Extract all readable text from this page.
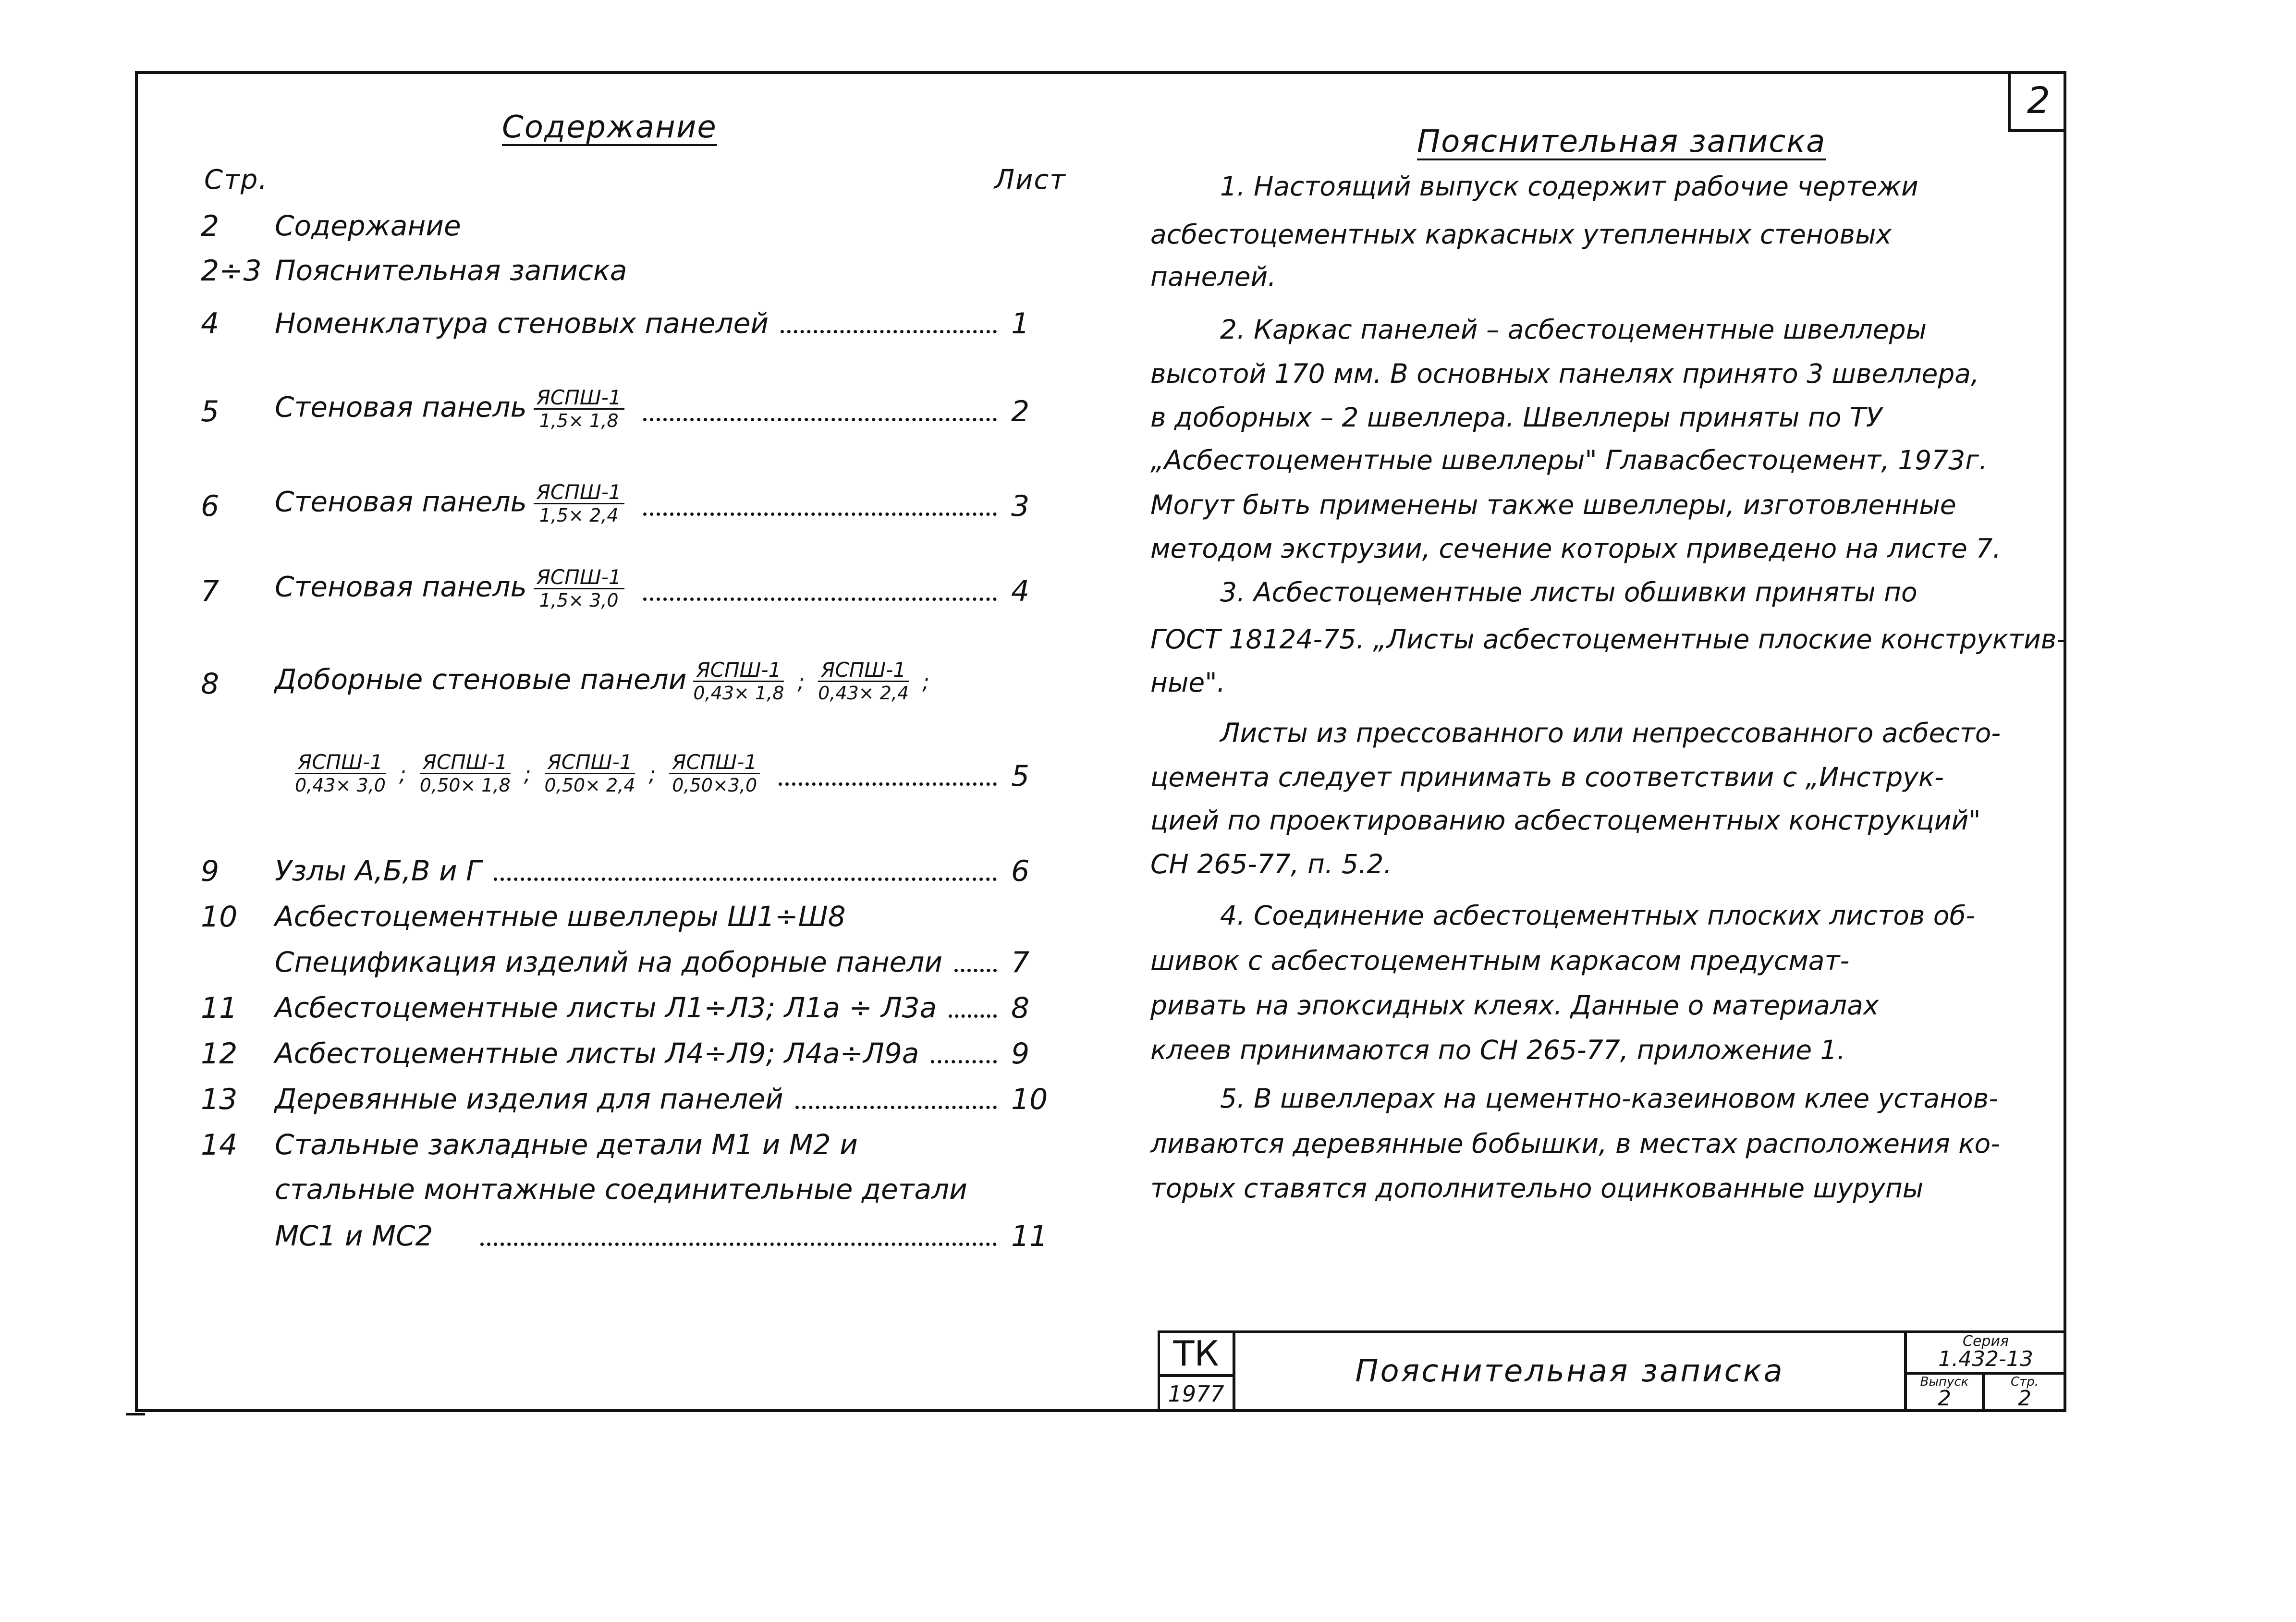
2
Содержание
Стр.	Лист
2 Содержание
2÷3 Пояснительная записка
4 Номенклатура стеновых панелей	1
5 Стеновая панель $\frac{\text{ЯСПШ-1}}{1,5\times 1,8}$	2
6 Стеновая панель $\frac{\text{ЯСПШ-1}}{1,5\times 2,4}$	3
7 Стеновая панель $\frac{\text{ЯСПШ-1}}{1,5\times 3,0}$	4
8 Доборные стеновые панели $\frac{\text{ЯСПШ-1}}{0,43\times 1,8}$ ; $\frac{\text{ЯСПШ-1}}{0,43\times 2,4}$ ;
$\frac{\text{ЯСПШ-1}}{0,43\times 3,0}$ ; $\frac{\text{ЯСПШ-1}}{0,50\times 1,8}$ ; $\frac{\text{ЯСПШ-1}}{0,50\times 2,4}$ ; $\frac{\text{ЯСПШ-1}}{0,50\times 3,0}$	5
9 Узлы А,Б,В и Г	6
10 Асбестоцементные швеллеры Ш1÷Ш8
Спецификация изделий на доборные панели 7
11 Асбестоцементные листы Л1÷Л3; Л1а ÷ Л3а	8
12 Асбестоцементные листы Л4÷Л9; Л4а÷Л9а	9
13 Деревянные изделия для панелей	10
14 Стальные закладные детали М1 и М2 и
стальные монтажные соединительные детали
МС1 и МС2	11
Пояснительная записка
1. Настоящий выпуск содержит рабочие чертежи
асбестоцементных каркасных утепленных стеновых
панелей.
2. Каркас панелей – асбестоцементные швеллеры
высотой 170 мм. В основных панелях принято 3 швеллера,
в доборных – 2 швеллера. Швеллеры приняты по ТУ
„Асбестоцементные швеллеры" Главасбестоцемент, 1973г.
Могут быть применены также швеллеры, изготовленные
методом экструзии, сечение которых приведено на листе 7.
3. Асбестоцементные листы обшивки приняты по
ГОСТ 18124-75. „Листы асбестоцементные плоские конструктив-
ные".
Листы из прессованного или непрессованного асбесто-
цемента следует принимать в соответствии с „Инструк-
цией по проектированию асбестоцементных конструкций"
СН 265-77, п. 5.2.
4. Соединение асбестоцементных плоских листов об-
шивок с асбестоцементным каркасом предусмат-
ривать на эпоксидных клеях. Данные о материалах
клеев принимаются по СН 265-77, приложение 1.
5. В швеллерах на цементно-казеиновом клее установ-
ливаются деревянные бобышки, в местах расположения ко-
торых ставятся дополнительно оцинкованные шурупы
ТК
1977
Пояснительная записка
Серия
1.432-13
Выпуск
2
Стр.
2
